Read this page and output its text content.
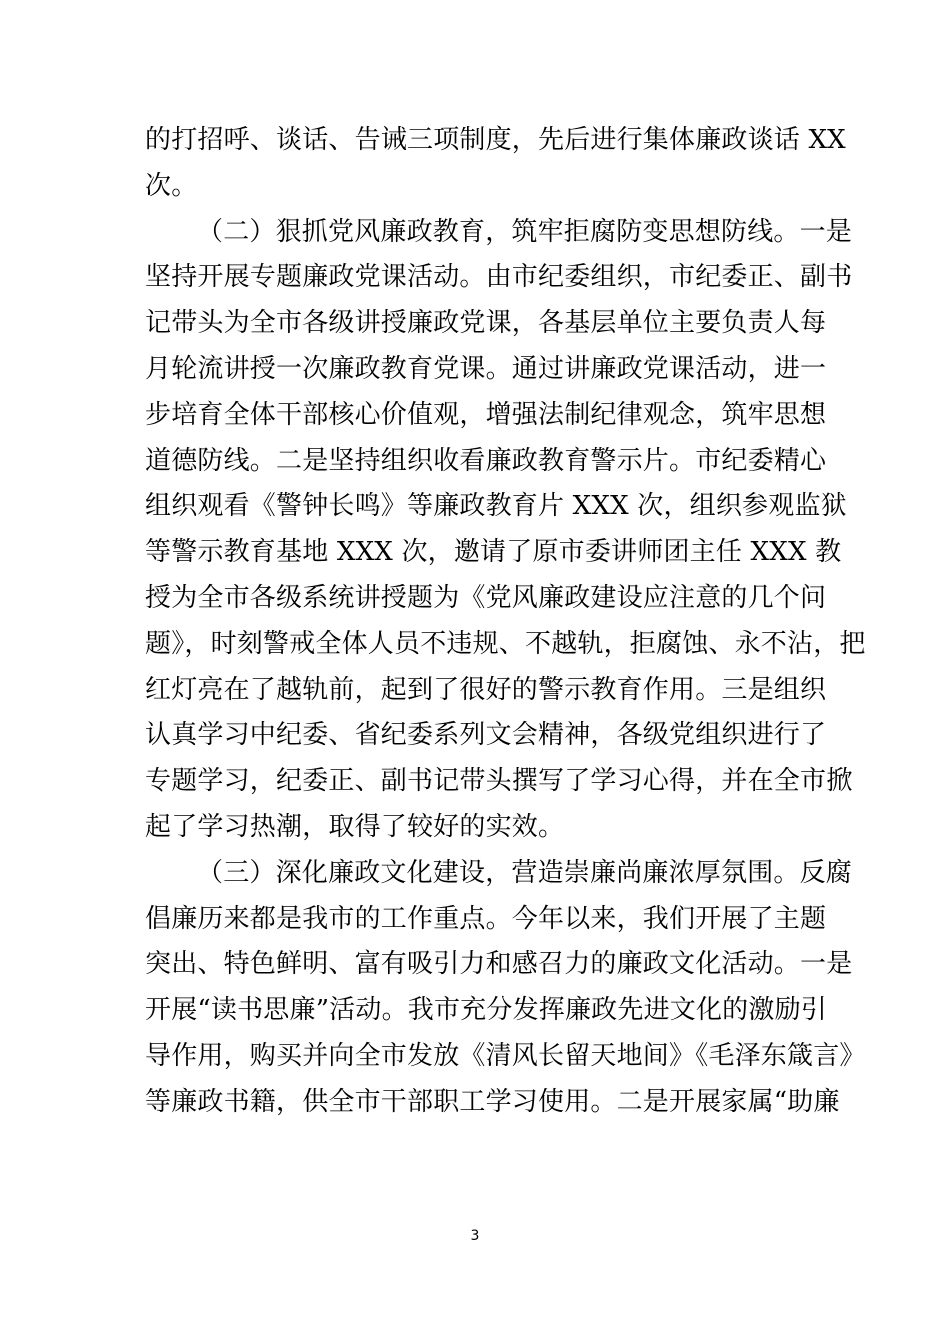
的打招呼、谈话、告诫三项制度，先后进行集体廉政谈话 XX
次。
（二）狠抓党风廉政教育，筑牢拒腐防变思想防线。一是
坚持开展专题廉政党课活动。由市纪委组织，市纪委正、副书
记带头为全市各级讲授廉政党课，各基层单位主要负责人每
月轮流讲授一次廉政教育党课。通过讲廉政党课活动，进一
步培育全体干部核心价值观，增强法制纪律观念，筑牢思想
道德防线。二是坚持组织收看廉政教育警示片。市纪委精心
组织观看《警钟长鸣》等廉政教育片 XXX 次，组织参观监狱
等警示教育基地 XXX 次，邀请了原市委讲师团主任 XXX 教
授为全市各级系统讲授题为《党风廉政建设应注意的几个问
题》，时刻警戒全体人员不违规、不越轨，拒腐蚀、永不沾，把
红灯亮在了越轨前，起到了很好的警示教育作用。三是组织
认真学习中纪委、省纪委系列文会精神，各级党组织进行了
专题学习，纪委正、副书记带头撰写了学习心得，并在全市掀
起了学习热潮，取得了较好的实效。
（三）深化廉政文化建设，营造崇廉尚廉浓厚氛围。反腐
倡廉历来都是我市的工作重点。今年以来，我们开展了主题
突出、特色鲜明、富有吸引力和感召力的廉政文化活动。一是
开展“读书思廉”活动。我市充分发挥廉政先进文化的激励引
导作用，购买并向全市发放《清风长留天地间》《毛泽东箴言》
等廉政书籍，供全市干部职工学习使用。二是开展家属“助廉
3
